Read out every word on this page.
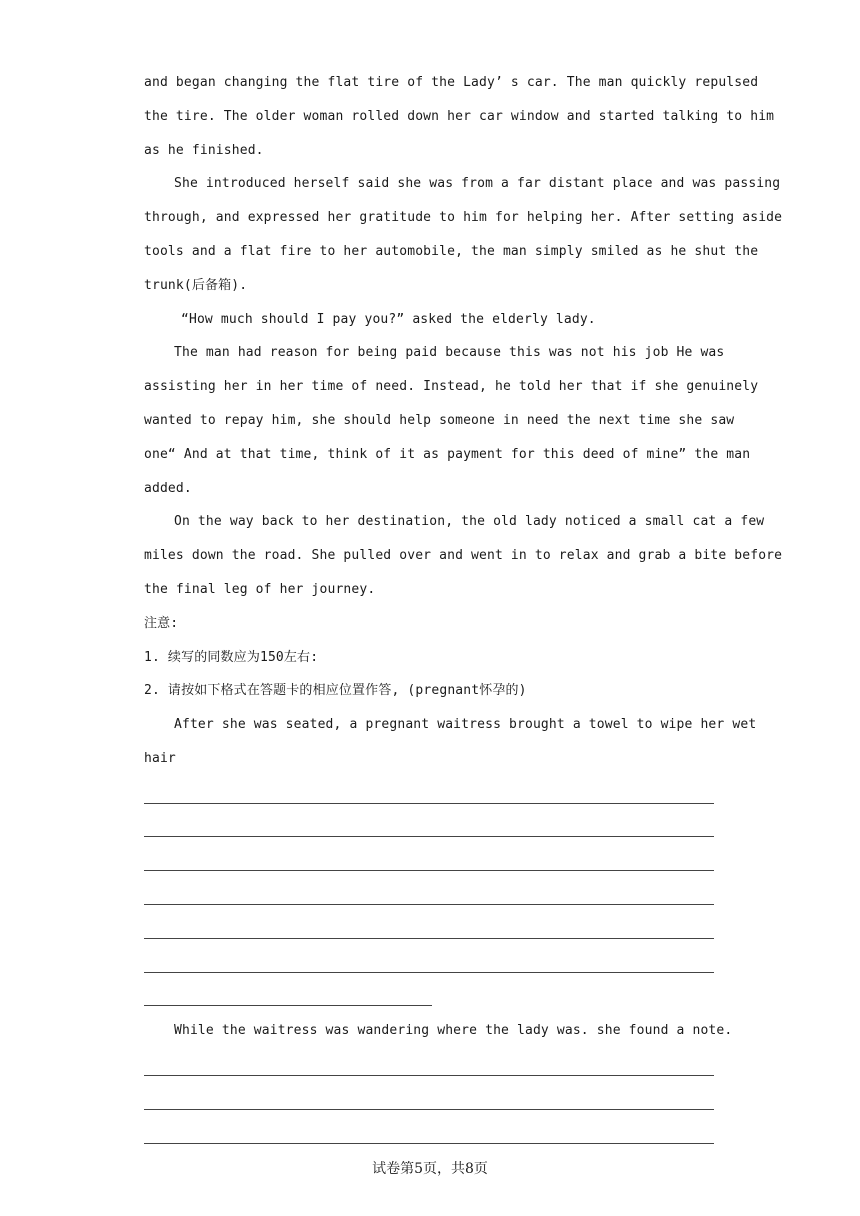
and began changing the flat tire of the Lady’ s car. The man quickly repulsed
the tire. The older woman rolled down her car window and started talking to him
as he finished.
She introduced herself said she was from a far distant place and was passing
through, and expressed her gratitude to him for helping her. After setting aside
tools and a flat fire to her automobile, the man simply smiled as he shut the
trunk(后备箱).
“How much should I pay you?” asked the elderly lady.
The man had reason for being paid because this was not his job He was
assisting her in her time of need. Instead, he told her that if she genuinely
wanted to repay him, she should help someone in need the next time she saw
one“ And at that time, think of it as payment for this deed of mine” the man
added.
On the way back to her destination, the old lady noticed a small cat a few
miles down the road. She pulled over and went in to relax and grab a bite before
the final leg of her journey.
注意:
1. 续写的同数应为150左右:
2. 请按如下格式在答题卡的相应位置作答, (pregnant怀孕的)
After she was seated, a pregnant waitress brought a towel to wipe her wet
hair
While the waitress was wandering where the lady was. she found a note.
试卷第5页，共8页
